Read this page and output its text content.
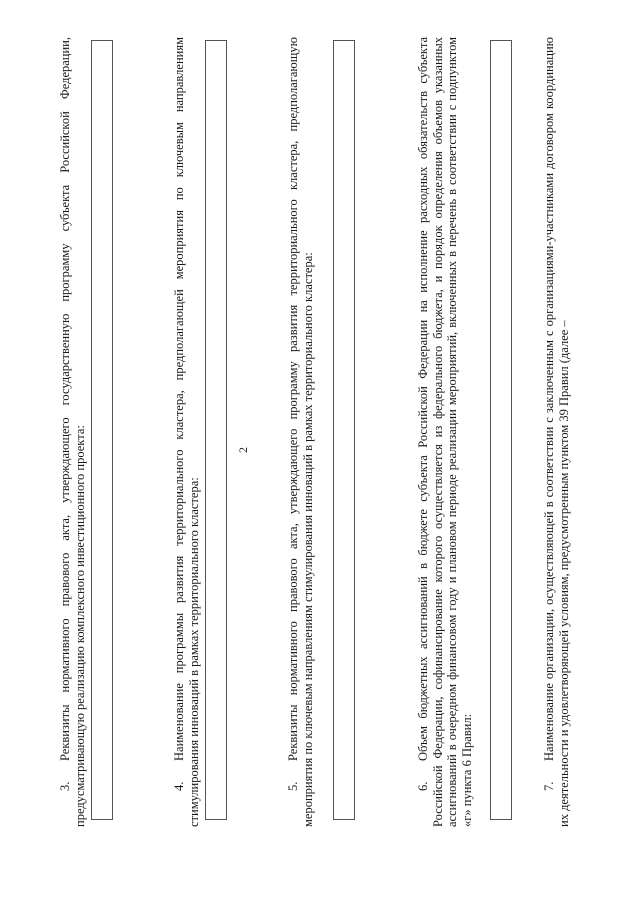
2

3.Реквизиты нормативного правового акта, утверждающего государственную программу субъекта Российской Федерации, предусматривающую реализацию комплексного инвестиционного проекта:	4.Наименование программы развития территориального кластера, предполагающей мероприятия по ключевым направлениям стимулирования инноваций в рамках территориального кластера:	5.Реквизиты нормативного правового акта, утверждающего программу развития территориального кластера, предполагающую мероприятия по ключевым направлениям стимулирования инноваций в рамках территориального кластера:	6.Объем бюджетных ассигнований в бюджете субъекта Российской Федерации на исполнение расходных обязательств субъекта Российской Федерации, софинансирование которого осуществляется из федерального бюджета, и порядок определения объемов указанных ассигнований в очередном финансовом году и плановом периоде реализации мероприятий, включенных в перечень в соответствии с подпунктом «г» пункта 6 Правил:	7.Наименование организации, осуществляющей в соответствии с заключенным с организациями-участниками договором координацию их деятельности и удовлетворяющей условиям, предусмотренным пунктом 39 Правил (далее –
